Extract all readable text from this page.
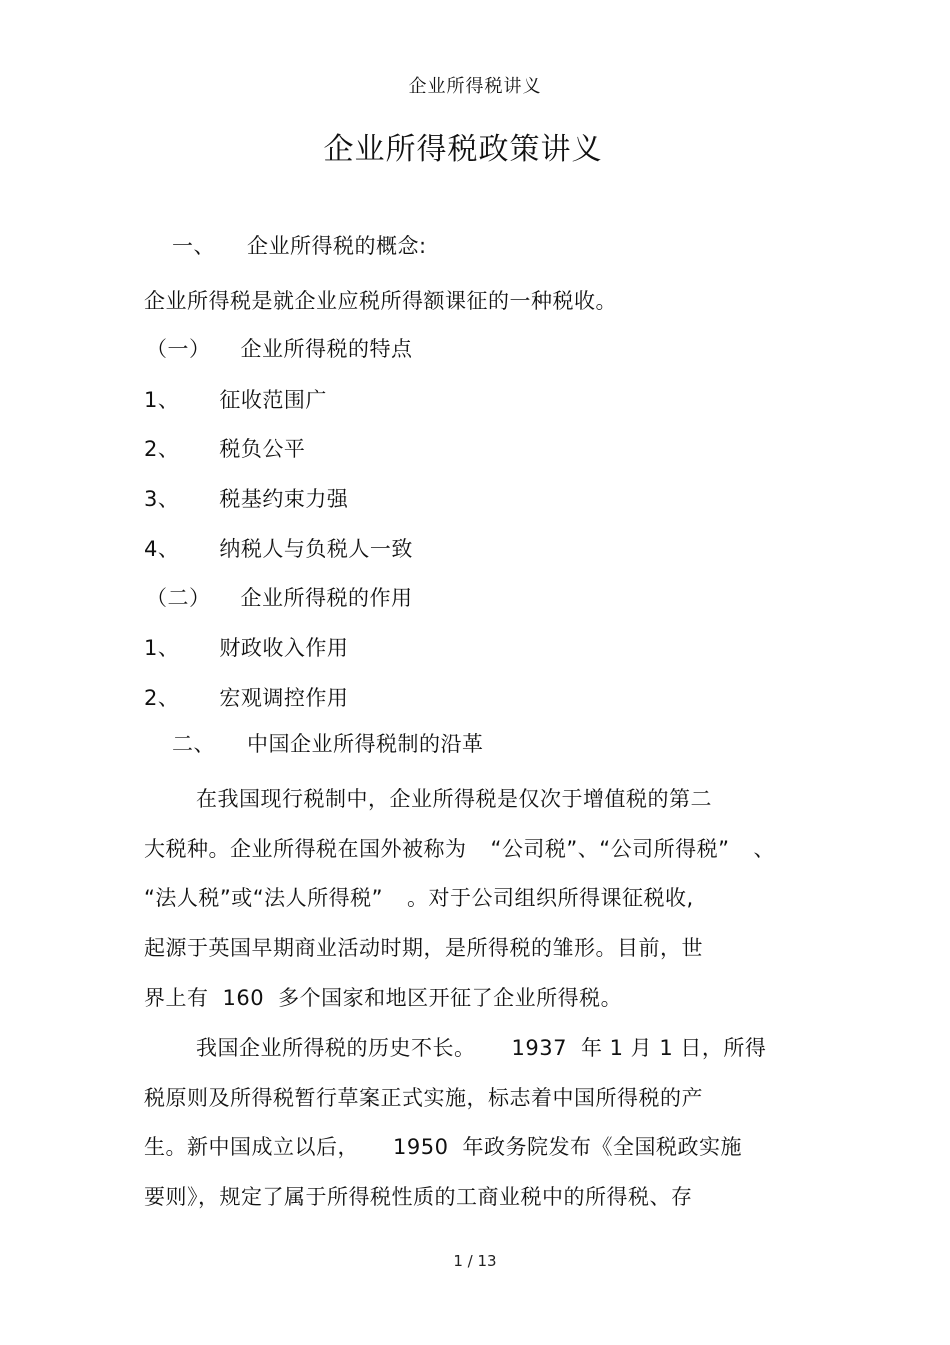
企业所得税讲义
企业所得税政策讲义
一、 企业所得税的概念:
企业所得税是就企业应税所得额课征的一种税收。
（一） 企业所得税的特点
1、 征收范围广
2、 税负公平
3、 税基约束力强
4、 纳税人与负税人一致
（二） 企业所得税的作用
1、 财政收入作用
2、 宏观调控作用
二、 中国企业所得税制的沿革
在我国现行税制中，企业所得税是仅次于增值税的第二
大税种。企业所得税在国外被称为 “公司税”、“公司所得税” 、
“法人税”或“法人所得税” 。对于公司组织所得课征税收,
起源于英国早期商业活动时期，是所得税的雏形。目前，世
界上有 160 多个国家和地区开征了企业所得税。
我国企业所得税的历史不长。 1937 年 1 月 1 日，所得
税原则及所得税暂行草案正式实施，标志着中国所得税的产
生。新中国成立以后， 1950 年政务院发布《全国税政实施
要则》，规定了属于所得税性质的工商业税中的所得税、存
1 / 13
